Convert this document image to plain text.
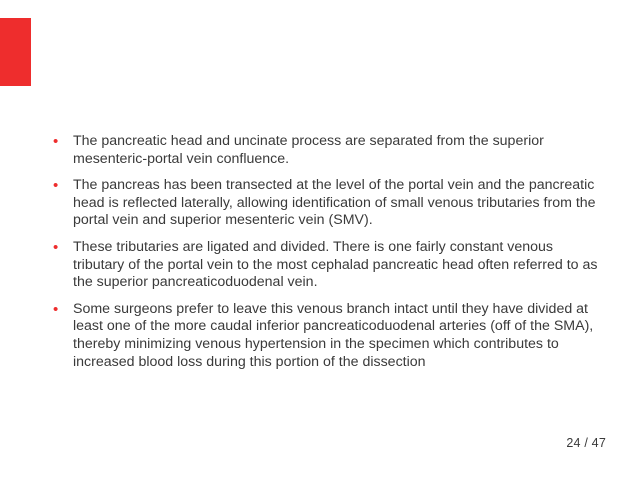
• The pancreatic head and uncinate process are separated from the superior mesenteric-portal vein confluence.
• The pancreas has been transected at the level of the portal vein and the pancreatic head is reflected laterally, allowing identification of small venous tributaries from the portal vein and superior mesenteric vein (SMV).
• These tributaries are ligated and divided. There is one fairly constant venous tributary of the portal vein to the most cephalad pancreatic head often referred to as the superior pancreaticoduodenal vein.
• Some surgeons prefer to leave this venous branch intact until they have divided at least one of the more caudal inferior pancreaticoduodenal arteries (off of the SMA), thereby minimizing venous hypertension in the specimen which contributes to increased blood loss during this portion of the dissection
24 / 47
